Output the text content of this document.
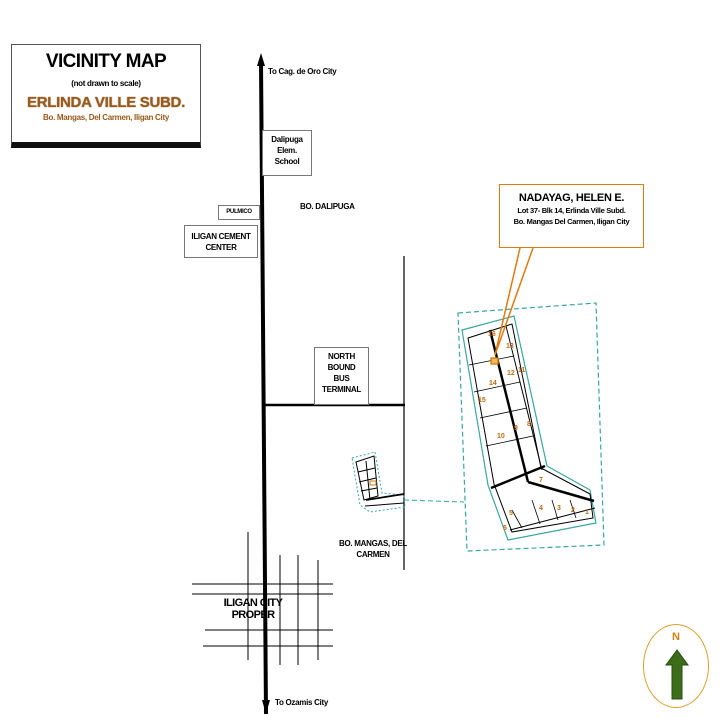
16
13
14
12 11
15
10
9
8
7
6
5
4 3 2 1
VICINITY MAP
(not drawn to scale)
ERLINDA VILLE SUBD.
Bo. Mangas, Del Carmen, Iligan City
To Cag. de Oro City
To Ozamis City
Dalipuga
Elem.
School
PULMICO
ILIGAN CEMENT
CENTER
BO. DALIPUGA
NORTH
BOUND
BUS
TERMINAL
BO. MANGAS, DEL
CARMEN
ILIGAN CITY
PROPER
NADAYAG, HELEN E.
Lot 37- Blk 14, Erlinda Ville Subd.
Bo. Mangas Del Carmen, Iligan City
N
